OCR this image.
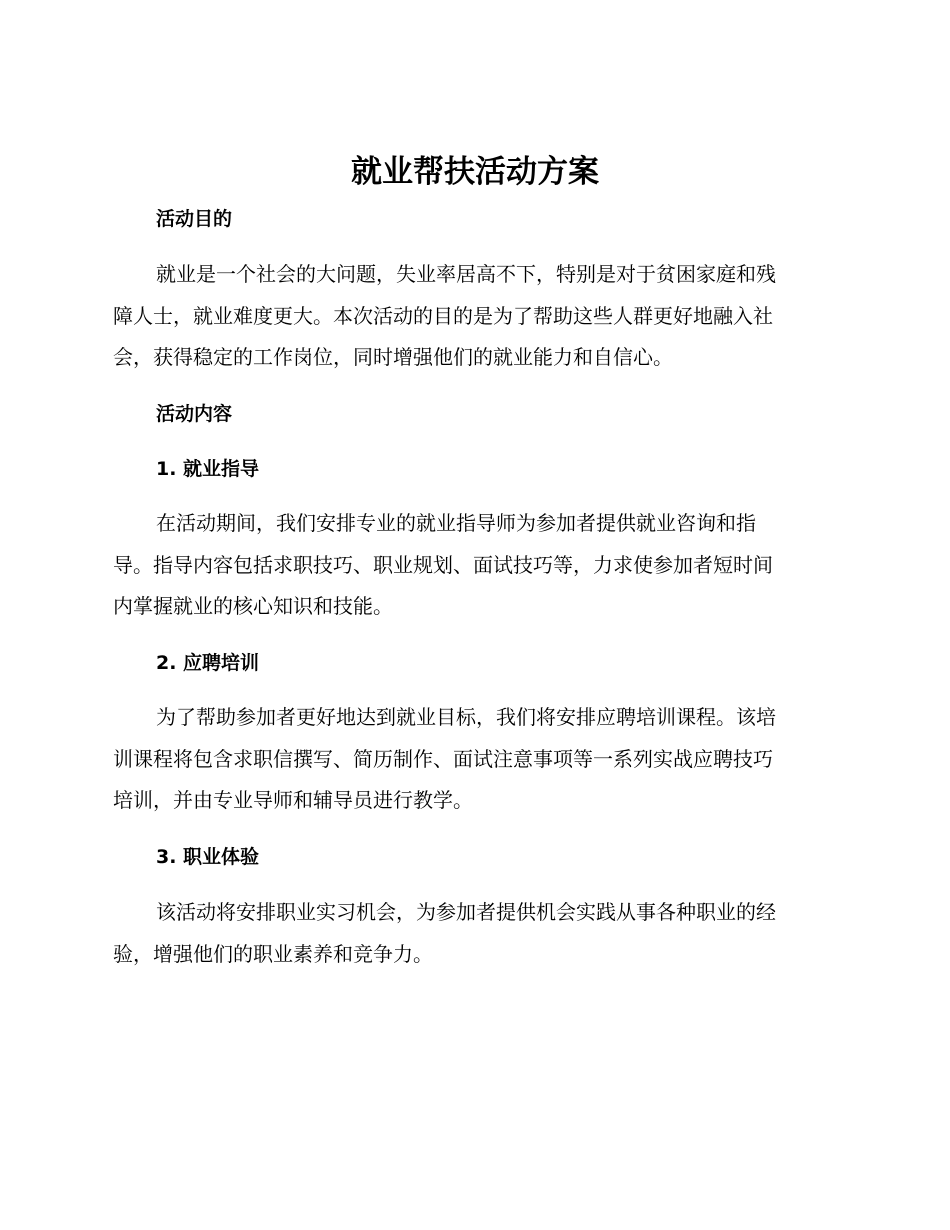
就业帮扶活动方案
活动目的
就业是一个社会的大问题，失业率居高不下，特别是对于贫困家庭和残
障人士，就业难度更大。本次活动的目的是为了帮助这些人群更好地融入社
会，获得稳定的工作岗位，同时增强他们的就业能力和自信心。
活动内容
1. 就业指导
在活动期间，我们安排专业的就业指导师为参加者提供就业咨询和指
导。指导内容包括求职技巧、职业规划、面试技巧等，力求使参加者短时间
内掌握就业的核心知识和技能。
2. 应聘培训
为了帮助参加者更好地达到就业目标，我们将安排应聘培训课程。该培
训课程将包含求职信撰写、简历制作、面试注意事项等一系列实战应聘技巧
培训，并由专业导师和辅导员进行教学。
3. 职业体验
该活动将安排职业实习机会，为参加者提供机会实践从事各种职业的经
验，增强他们的职业素养和竞争力。
